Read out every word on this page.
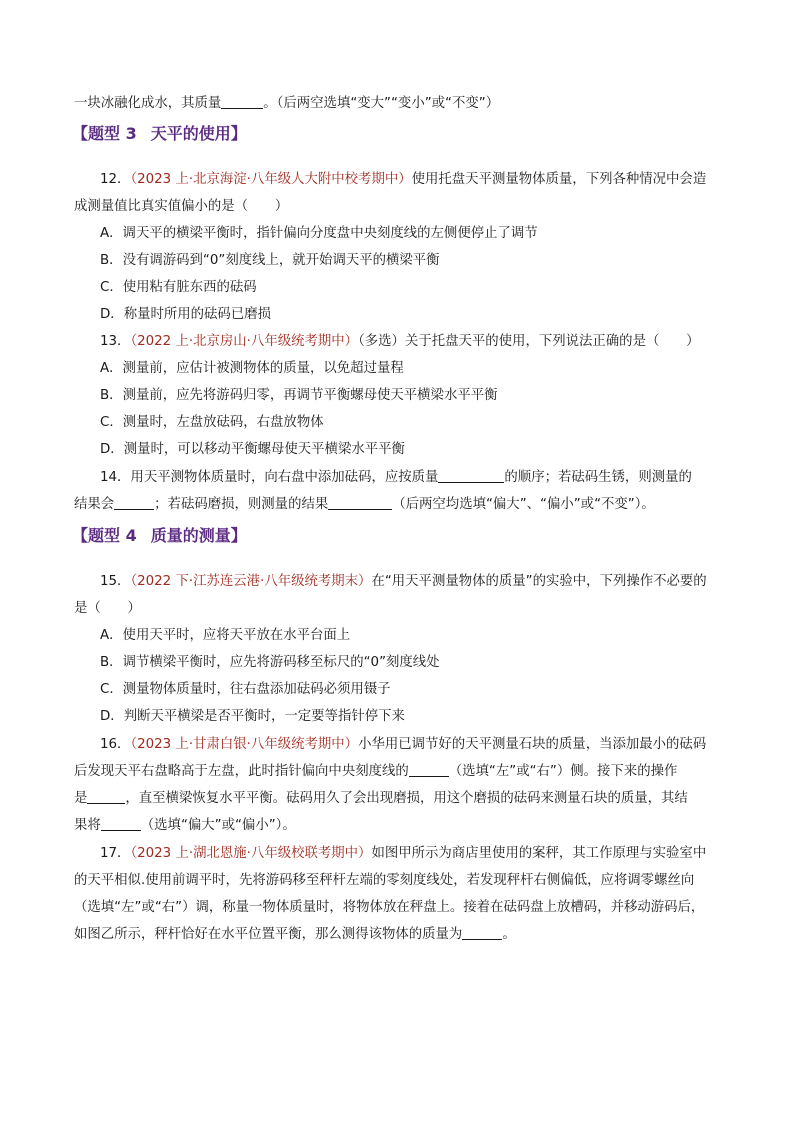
一块冰融化成水，其质量	。（后两空选填“变大”“变小”或“不变”）
【题型 3 天平的使用】
12．（2023 上·北京海淀·八年级人大附中校考期中）使用托盘天平测量物体质量，下列各种情况中会造
成测量值比真实值偏小的是（　　）
A．调天平的横梁平衡时，指针偏向分度盘中央刻度线的左侧便停止了调节
B．没有调游码到“0”刻度线上，就开始调天平的横梁平衡
C．使用粘有脏东西的砝码
D．称量时所用的砝码已磨损
13．（2022 上·北京房山·八年级统考期中）（多选）关于托盘天平的使用，下列说法正确的是（　　）
A．测量前，应估计被测物体的质量，以免超过量程
B．测量前，应先将游码归零，再调节平衡螺母使天平横梁水平平衡
C．测量时，左盘放砝码，右盘放物体
D．测量时，可以移动平衡螺母使天平横梁水平平衡
14．用天平测物体质量时，向右盘中添加砝码，应按质量	的顺序；若砝码生锈，则测量的
结果会	；若砝码磨损，则测量的结果	（后两空均选填“偏大”、“偏小”或“不变”）。
【题型 4 质量的测量】
15．（2022 下·江苏连云港·八年级统考期末）在“用天平测量物体的质量”的实验中，下列操作不必要的
是（　　）
A．使用天平时，应将天平放在水平台面上
B．调节横梁平衡时，应先将游码移至标尺的“0”刻度线处
C．测量物体质量时，往右盘添加砝码必须用镊子
D．判断天平横梁是否平衡时，一定要等指针停下来
16．（2023 上·甘肃白银·八年级统考期中）小华用已调节好的天平测量石块的质量，当添加最小的砝码
后发现天平右盘略高于左盘，此时指针偏向中央刻度线的	（选填“左”或“右”）侧。接下来的操作
是	，直至横梁恢复水平平衡。砝码用久了会出现磨损，用这个磨损的砝码来测量石块的质量，其结
果将	（选填“偏大”或“偏小”）。
17．（2023 上·湖北恩施·八年级校联考期中）如图甲所示为商店里使用的案秤，其工作原理与实验室中
的天平相似.使用前调平时，先将游码移至秤杆左端的零刻度线处，若发现秤杆右侧偏低，应将调零螺丝向
（选填“左”或“右”）调，称量一物体质量时，将物体放在秤盘上。接着在砝码盘上放槽码，并移动游码后，
如图乙所示，秤杆恰好在水平位置平衡，那么测得该物体的质量为	。
